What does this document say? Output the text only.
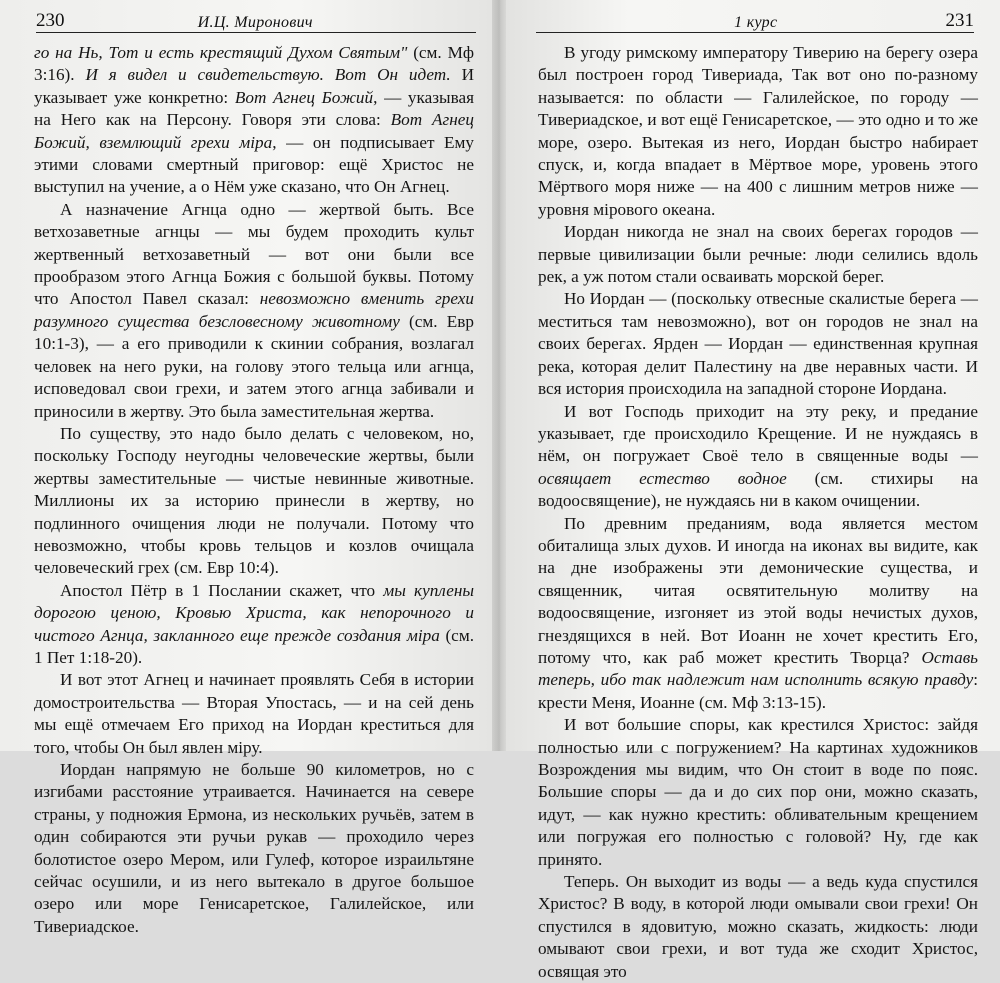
230	И.Ц. Миронович

го на Нь, Тот и есть крестящий Духом Святым" (см. Мф 3:16). И я видел и свидетельствую. Вот Он идет. И указывает уже конкретно: Вот Агнец Божий, — указывая на Него как на Персону. Говоря эти слова: Вот Агнец Божий, вземлющий грехи міра, — он подписывает Ему этими словами смертный приговор: ещё Христос не выступил на учение, а о Нём уже сказано, что Он Агнец.

А назначение Агнца одно — жертвой быть. Все ветхозаветные агнцы — мы будем проходить культ жертвенный ветхозаветный — вот они были все прообразом этого Агнца Божия с большой буквы. Потому что Апостол Павел сказал: невозможно вменить грехи разумного существа безсловесному животному (см. Евр 10:1-3), — а его приводили к скинии собрания, возлагал человек на него руки, на голову этого тельца или агнца, исповедовал свои грехи, и затем этого агнца забивали и приносили в жертву. Это была заместительная жертва.

По существу, это надо было делать с человеком, но, поскольку Господу неугодны человеческие жертвы, были жертвы заместительные — чистые невинные животные. Миллионы их за историю принесли в жертву, но подлинного очищения люди не получали. Потому что невозможно, чтобы кровь тельцов и козлов очищала человеческий грех (см. Евр 10:4).

Апостол Пётр в 1 Послании скажет, что мы куплены дорогою ценою, Кровью Христа, как непорочного и чистого Агнца, закланного еще прежде создания міра (см. 1 Пет 1:18-20).

И вот этот Агнец и начинает проявлять Себя в истории домостроительства — Вторая Упостась, — и на сей день мы ещё отмечаем Его приход на Иордан креститься для того, чтобы Он был явлен міру.

Иордан напрямую не больше 90 километров, но с изгибами расстояние утраивается. Начинается на севере страны, у подножия Ермона, из нескольких ручьёв, затем в один собираются эти ручьи рукав — проходило через болотистое озеро Мером, или Гулеф, которое израильтяне сейчас осушили, и из него вытекало в другое большое озеро или море Генисаретское, Галилейское, или Тивериадское.

1 курс	231

В угоду римскому императору Тиверию на берегу озера был построен город Тивериада, Так вот оно по-разному называется: по области — Галилейское, по городу — Тивериадское, и вот ещё Генисаретское, — это одно и то же море, озеро. Вытекая из него, Иордан быстро набирает спуск, и, когда впадает в Мёртвое море, уровень этого Мёртвого моря ниже — на 400 с лишним метров ниже — уровня мірового океана.

Иордан никогда не знал на своих берегах городов — первые цивилизации были речные: люди селились вдоль рек, а уж потом стали осваивать морской берег.

Но Иордан — (поскольку отвесные скалистые берега — меститься там невозможно), вот он городов не знал на своих берегах. Ярден — Иордан — единственная крупная река, которая делит Палестину на две неравных части. И вся история происходила на западной стороне Иордана.

И вот Господь приходит на эту реку, и предание указывает, где происходило Крещение. И не нуждаясь в нём, он погружает Своё тело в священные воды — освящает естество водное (см. стихиры на водоосвящение), не нуждаясь ни в каком очищении.

По древним преданиям, вода является местом обиталища злых духов. И иногда на иконах вы видите, как на дне изображены эти демонические существа, и священник, читая освятительную молитву на водоосвящение, изгоняет из этой воды нечистых духов, гнездящихся в ней. Вот Иоанн не хочет крестить Его, потому что, как раб может крестить Творца? Оставь теперь, ибо так надлежит нам исполнить всякую правду: крести Меня, Иоанне (см. Мф 3:13-15).

И вот большие споры, как крестился Христос: зайдя полностью или с погружением? На картинах художников Возрождения мы видим, что Он стоит в воде по пояс. Большие споры — да и до сих пор они, можно сказать, идут, — как нужно крестить: обливательным крещением или погружая его полностью с головой? Ну, где как принято.

Теперь. Он выходит из воды — а ведь куда спустился Христос? В воду, в которой люди омывали свои грехи! Он спустился в ядовитую, можно сказать, жидкость: люди омывают свои грехи, и вот туда же сходит Христос, освящая это
